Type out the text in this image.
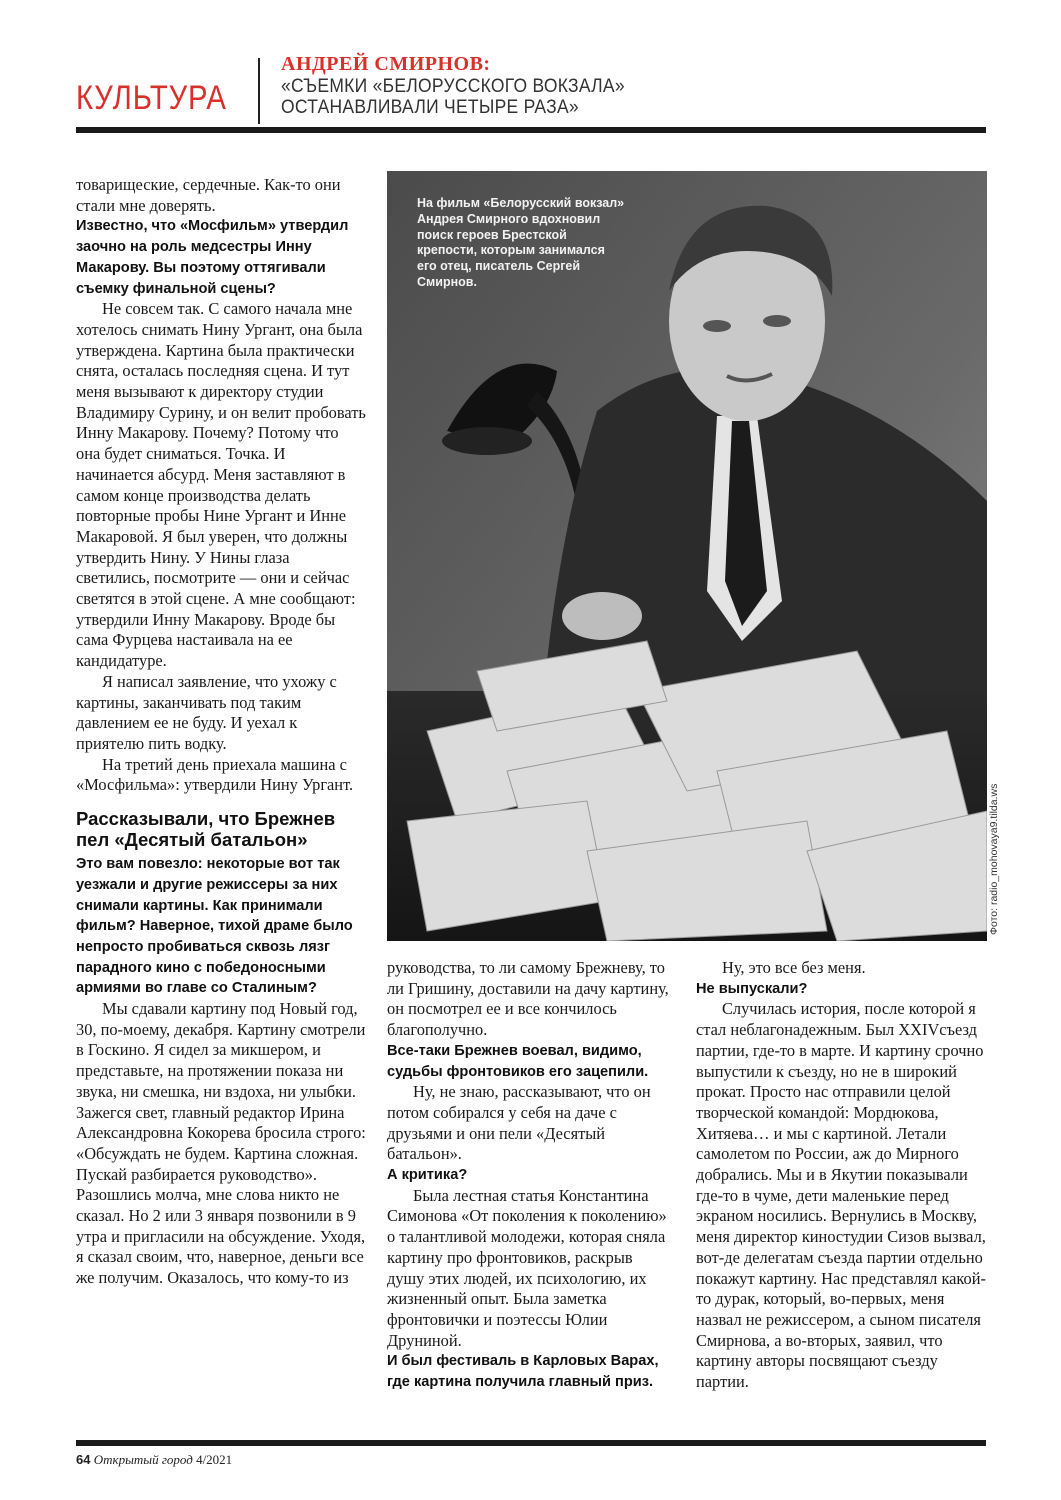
КУЛЬТУРА
АНДРЕЙ СМИРНОВ:
«СЪЕМКИ «БЕЛОРУССКОГО ВОКЗАЛА»
ОСТАНАВЛИВАЛИ ЧЕТЫРЕ РАЗА»

товарищеские, сердечные. Как-то они стали мне доверять.

Известно, что «Мосфильм» утвердил заочно на роль медсестры Инну Макарову. Вы поэтому оттягивали съемку финальной сцены?

Не совсем так. С самого начала мне хотелось снимать Нину Ургант, она была утверждена. Картина была практически снята, осталась последняя сцена. И тут меня вызывают к директору студии Владимиру Сурину, и он велит пробовать Инну Макарову. Почему? Потому что она будет сниматься. Точка. И начинается абсурд. Меня заставляют в самом конце производства делать повторные пробы Нине Ургант и Инне Макаровой. Я был уверен, что должны утвердить Нину. У Нины глаза светились, посмотрите — они и сейчас светятся в этой сцене. А мне сообщают: утвердили Инну Макарову. Вроде бы сама Фурцева настаивала на ее кандидатуре.

Я написал заявление, что ухожу с картины, заканчивать под таким давлением ее не буду. И уехал к приятелю пить водку.

На третий день приехала машина с «Мосфильма»: утвердили Нину Ургант.

Рассказывали, что Брежнев пел «Десятый батальон»

Это вам повезло: некоторые вот так уезжали и другие режиссеры за них снимали картины. Как принимали фильм? Наверное, тихой драме было непросто пробиваться сквозь лязг парадного кино с победоносными армиями во главе со Сталиным?

Мы сдавали картину под Новый год, 30, по-моему, декабря. Картину смотрели в Госкино. Я сидел за микшером, и представьте, на протяжении показа ни звука, ни смешка, ни вздоха, ни улыбки. Зажегся свет, главный редактор Ирина Александровна Кокорева бросила строго: «Обсуждать не будем. Картина сложная. Пускай разбирается руководство». Разошлись молча, мне слова никто не сказал. Но 2 или 3 января позвонили в 9 утра и пригласили на обсуждение. Уходя, я сказал своим, что, наверное, деньги все же получим. Оказалось, что кому-то из

На фильм «Белорусский вокзал» Андрея Смирного вдохновил поиск героев Брестской крепости, которым занимался его отец, писатель Сергей Смирнов.
Фото: radio_mohovaya9.tilda.ws

руководства, то ли самому Брежневу, то ли Гришину, доставили на дачу картину, он посмотрел ее и все кончилось благополучно.

Все-таки Брежнев воевал, видимо, судьбы фронтовиков его зацепили.

Ну, не знаю, рассказывают, что он потом собирался у себя на даче с друзьями и они пели «Десятый батальон».

А критика?

Была лестная статья Константина Симонова «От поколения к поколению» о талантливой молодежи, которая сняла картину про фронтовиков, раскрыв душу этих людей, их психологию, их жизненный опыт. Была заметка фронтовички и поэтессы Юлии Друниной.

И был фестиваль в Карловых Варах, где картина получила главный приз.

Ну, это все без меня.

Не выпускали?

Случилась история, после которой я стал неблагонадежным. Был XXIVсъезд партии, где-то в марте. И картину срочно выпустили к съезду, но не в широкий прокат. Просто нас отправили целой творческой командой: Мордюкова, Хитяева… и мы с картиной. Летали самолетом по России, аж до Мирного добрались. Мы и в Якутии показывали где-то в чуме, дети маленькие перед экраном носились. Вернулись в Москву, меня директор киностудии Сизов вызвал, вот-де делегатам съезда партии отдельно покажут картину. Нас представлял какой-то дурак, который, во-первых, меня назвал не режиссером, а сыном писателя Смирнова, а во-вторых, заявил, что картину авторы посвящают съезду партии.

64 Открытый город 4/2021
